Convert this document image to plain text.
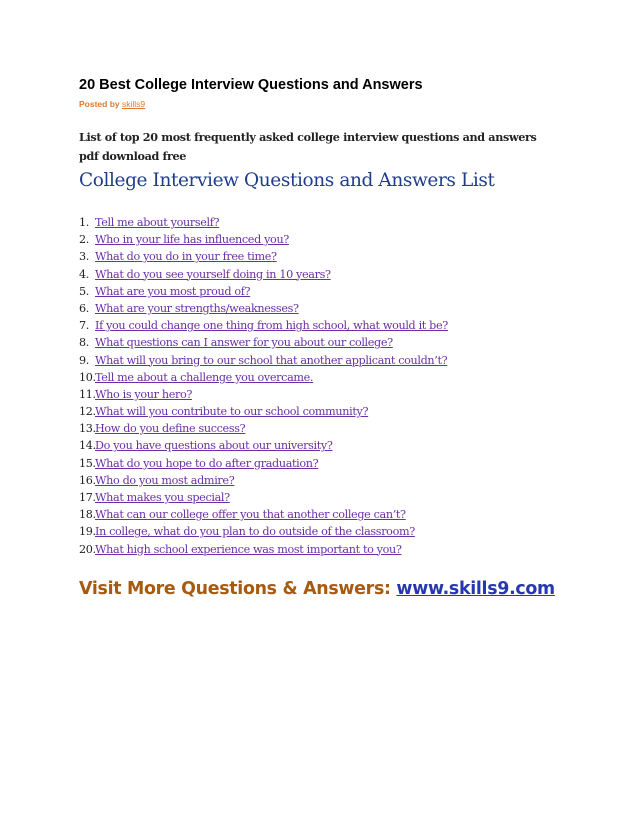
20 Best College Interview Questions and Answers
Posted by skills9
List of top 20 most frequently asked college interview questions and answers pdf download free
College Interview Questions and Answers List
1. Tell me about yourself?
2. Who in your life has influenced you?
3. What do you do in your free time?
4. What do you see yourself doing in 10 years?
5. What are you most proud of?
6. What are your strengths/weaknesses?
7. If you could change one thing from high school, what would it be?
8. What questions can I answer for you about our college?
9. What will you bring to our school that another applicant couldn’t?
10.Tell me about a challenge you overcame.
11.Who is your hero?
12.What will you contribute to our school community?
13.How do you define success?
14.Do you have questions about our university?
15.What do you hope to do after graduation?
16.Who do you most admire?
17.What makes you special?
18.What can our college offer you that another college can’t?
19.In college, what do you plan to do outside of the classroom?
20.What high school experience was most important to you?
Visit More Questions & Answers: www.skills9.com
